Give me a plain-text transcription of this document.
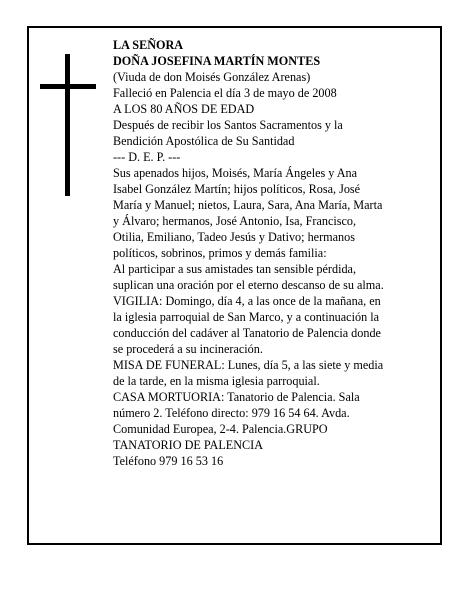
LA SEÑORA
DOÑA JOSEFINA MARTÍN MONTES
(Viuda de don Moisés González Arenas)
Falleció en Palencia el día 3 de mayo de 2008
A LOS 80 AÑOS DE EDAD
Después de recibir los Santos Sacramentos y la
Bendición Apostólica de Su Santidad
--- D. E. P. ---
Sus apenados hijos, Moisés, María Ángeles y Ana
Isabel González Martín; hijos políticos, Rosa, José
María y Manuel; nietos, Laura, Sara, Ana María, Marta
y Álvaro; hermanos, José Antonio, Isa, Francisco,
Otilia, Emiliano, Tadeo Jesús y Dativo; hermanos
políticos, sobrinos, primos y demás familia:
Al participar a sus amistades tan sensible pérdida,
suplican una oración por el eterno descanso de su alma.
VIGILIA: Domingo, día 4, a las once de la mañana, en
la iglesia parroquial de San Marco, y a continuación la
conducción del cadáver al Tanatorio de Palencia donde
se procederá a su incineración.
MISA DE FUNERAL: Lunes, día 5, a las siete y media
de la tarde, en la misma iglesia parroquial.
CASA MORTUORIA: Tanatorio de Palencia. Sala
número 2. Teléfono directo: 979 16 54 64. Avda.
Comunidad Europea, 2-4. Palencia.GRUPO
TANATORIO DE PALENCIA
Teléfono 979 16 53 16
